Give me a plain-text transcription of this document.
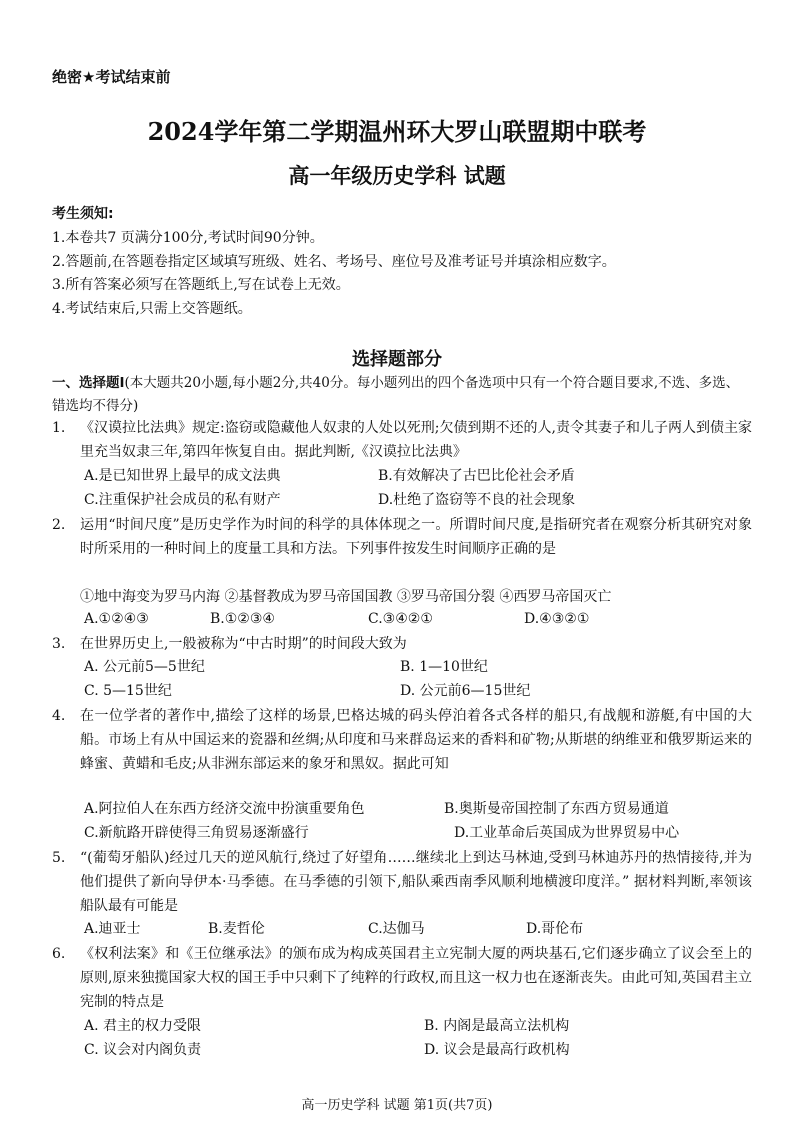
绝密★考试结束前
2024学年第二学期温州环大罗山联盟期中联考
高一年级历史学科 试题
考生须知:
1.本卷共7 页满分100分,考试时间90分钟。
2.答题前,在答题卷指定区域填写班级、姓名、考场号、座位号及准考证号并填涂相应数字。
3.所有答案必须写在答题纸上,写在试卷上无效。
4.考试结束后,只需上交答题纸。
选择题部分
一、选择题Ⅰ(本大题共20小题,每小题2分,共40分。每小题列出的四个备选项中只有一个符合题目要求,不选、多选、错选均不得分)
1. 《汉谟拉比法典》规定:盗窃或隐藏他人奴隶的人处以死刑;欠债到期不还的人,责令其妻子和儿子两人到债主家里充当奴隶三年,第四年恢复自由。据此判断,《汉谟拉比法典》
A.是已知世界上最早的成文法典	B.有效解决了古巴比伦社会矛盾
C.注重保护社会成员的私有财产	D.杜绝了盗窃等不良的社会现象
2. 运用“时间尺度”是历史学作为时间的科学的具体体现之一。所谓时间尺度,是指研究者在观察分析其研究对象时所采用的一种时间上的度量工具和方法。下列事件按发生时间顺序正确的是
①地中海变为罗马内海 ②基督教成为罗马帝国国教 ③罗马帝国分裂 ④西罗马帝国灭亡
A.①②④③	B.①②③④	C.③④②①	D.④③②①
3. 在世界历史上,一般被称为“中古时期”的时间段大致为
A. 公元前5—5世纪	B. 1—10世纪
C. 5—15世纪	D. 公元前6—15世纪
4. 在一位学者的著作中,描绘了这样的场景,巴格达城的码头停泊着各式各样的船只,有战舰和游艇,有中国的大船。市场上有从中国运来的瓷器和丝绸;从印度和马来群岛运来的香料和矿物;从斯堪的纳维亚和俄罗斯运来的蜂蜜、黄蜡和毛皮;从非洲东部运来的象牙和黑奴。据此可知
A.阿拉伯人在东西方经济交流中扮演重要角色	B.奥斯曼帝国控制了东西方贸易通道
C.新航路开辟使得三角贸易逐渐盛行	D.工业革命后英国成为世界贸易中心
5. “(葡萄牙船队)经过几天的逆风航行,绕过了好望角……继续北上到达马林迪,受到马林迪苏丹的热情接待,并为他们提供了新向导伊本·马季德。在马季德的引领下,船队乘西南季风顺利地横渡印度洋。” 据材料判断,率领该船队最有可能是
A.迪亚士	B.麦哲伦	C.达伽马	D.哥伦布
6. 《权利法案》和《王位继承法》的颁布成为构成英国君主立宪制大厦的两块基石,它们逐步确立了议会至上的原则,原来独揽国家大权的国王手中只剩下了纯粹的行政权,而且这一权力也在逐渐丧失。由此可知,英国君主立宪制的特点是
A. 君主的权力受限	B. 内阁是最高立法机构
C. 议会对内阁负责	D. 议会是最高行政机构
高一历史学科 试题 第1页(共7页)
